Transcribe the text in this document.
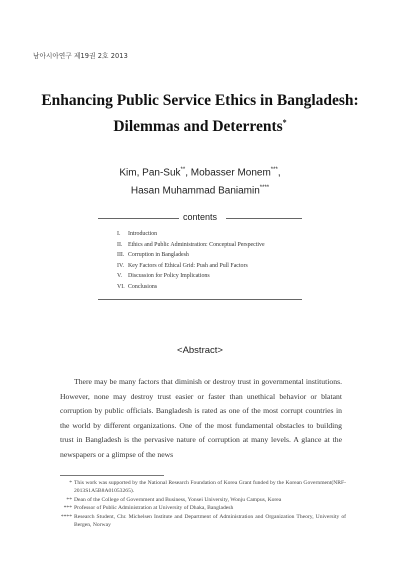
남아시아연구 제19권 2호 2013
Enhancing Public Service Ethics in Bangladesh:
Dilemmas and Deterrents*
Kim, Pan-Suk**, Mobasser Monem***,
Hasan Muhammad Baniamin****
contents
I. Introduction
II. Ethics and Public Administration: Conceptual Perspective
III. Corruption in Bangladesh
IV. Key Factors of Ethical Grid: Push and Pull Factors
V. Discussion for Policy Implications
VI. Conclusions
<Abstract>

There may be many factors that diminish or destroy trust in governmental institutions. However, none may destroy trust easier or faster than unethical behavior or blatant corruption by public officials. Bangladesh is rated as one of the most corrupt countries in the world by different organizations. One of the most fundamental obstacles to building trust in Bangladesh is the pervasive nature of corruption at many levels. A glance at the newspapers or a glimpse of the news

* This work was supported by the National Research Foundation of Korea Grant funded by the Korean Government(NRF-2013S1A5B8A01053265).

** Dean of the College of Government and Business, Yonsei University, Wonju Campus, Korea

*** Professor of Public Administration at University of Dhaka, Bangladesh

**** Research Student, Chr. Michelsen Institute and Department of Administration and Organization Theory, University of Bergen, Norway
